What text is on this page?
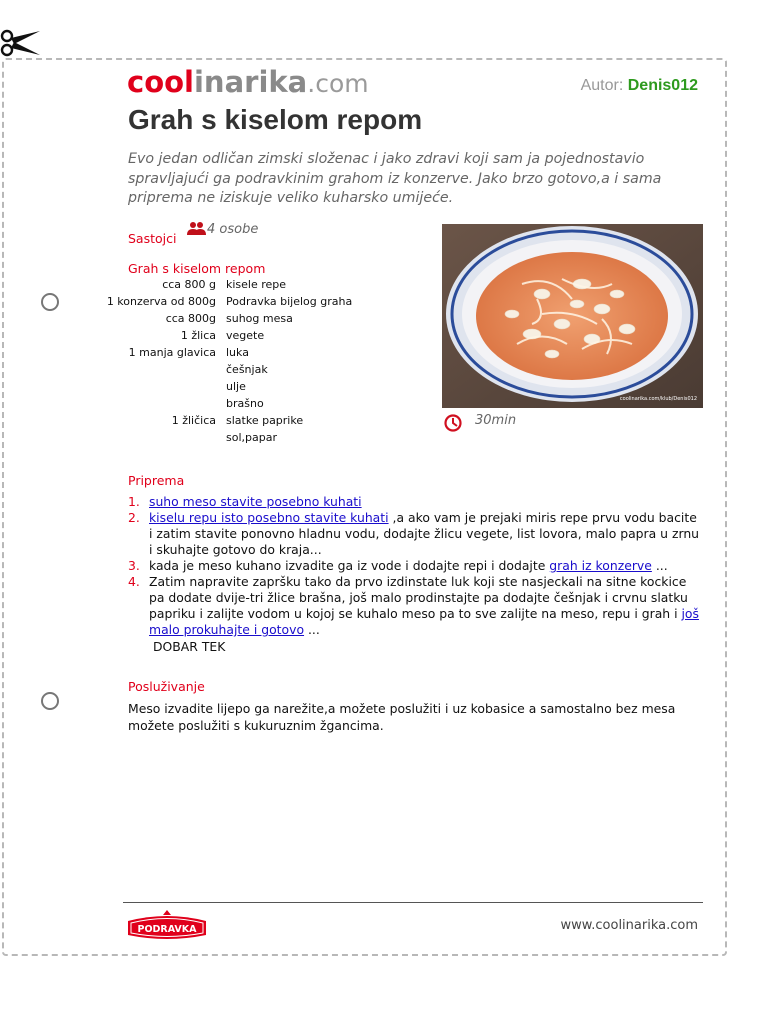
coolinarika.com	Autor: Denis012
Grah s kiselom repom

Evo jedan odličan zimski složenac i jako zdravi koji sam ja pojednostavio spravljajući ga podravkinim grahom iz konzerve. Jako brzo gotovo,a i sama priprema ne iziskuje veliko kuharsko umijeće.

Sastojci
4 osobe
Grah s kiselom repom
cca 800 g	kisele repe
1 konzerva od 800g	Podravka bijelog graha
cca 800g	suhog mesa
1 žlica	vegete
1 manja glavica	luka
	češnjak
	ulje
	brašno
1 žličica	slatke paprike
	sol,papar
coolinarika.com/klub/Denis012
30min
Priprema
1. suho meso stavite posebno kuhati
2. kiselu repu isto posebno stavite kuhati ,a ako vam je prejaki miris repe prvu vodu bacite i zatim stavite ponovno hladnu vodu, dodajte žlicu vegete, list lovora, malo papra u zrnu i skuhajte gotovo do kraja...
3. kada je meso kuhano izvadite ga iz vode i dodajte repi i dodajte grah iz konzerve ...
4. Zatim napravite zapršku tako da prvo izdinstate luk koji ste nasjeckali na sitne kockice pa dodate dvije-tri žlice brašna, još malo prodinstajte pa dodajte češnjak i crvnu slatku papriku i zalijte vodom u kojoj se kuhalo meso pa to sve zalijte na meso, repu i grah i još malo prokuhajte i gotovo ...
DOBAR TEK
Posluživanje

Meso izvadite lijepo ga narežite,a možete poslužiti i uz kobasice a samostalno bez mesa možete poslužiti s kukuruznim žgancima.

PODRAVKA	www.coolinarika.com
